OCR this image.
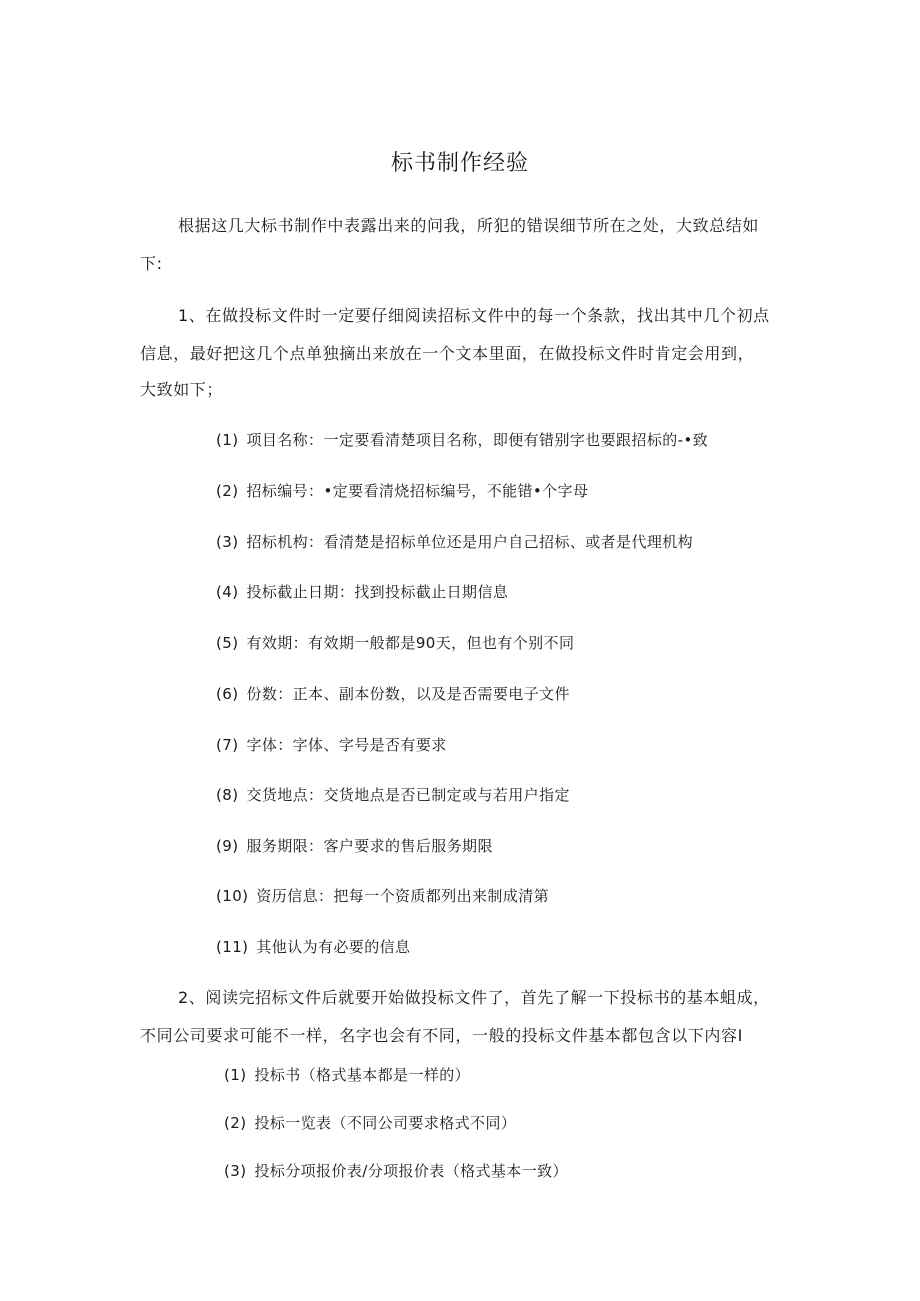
标书制作经验
根据这几大标书制作中表露出来的问我，所犯的错误细节所在之处，大致总结如
下:
1、在做投标文件时一定要仔细阅读招标文件中的每一个条款，找出其中几个初点
信息，最好把这几个点单独摘出来放在一个文本里面，在做投标文件时肯定会用到，
大致如下；
(1) 项目名称：一定要看清楚项目名称，即便有错别字也要跟招标的-•致
(2) 招标编号：•定要看清烧招标编号，不能错•个字母
(3) 招标机构：看清楚是招标单位还是用户自己招标、或者是代理机构
(4) 投标截止日期：找到投标截止日期信息
(5) 有效期：有效期一般都是90天，但也有个别不同
(6) 份数：正本、副本份数，以及是否需要电子文件
(7) 字体：字体、字号是否有要求
(8) 交货地点：交货地点是否已制定或与若用户指定
(9) 服务期限：客户要求的售后服务期限
(10) 资历信息：把每一个资质都列出来制成清第
(11) 其他认为有必要的信息
2、阅读完招标文件后就要开始做投标文件了，首先了解一下投标书的基本蛆成，
不同公司要求可能不一样，名字也会有不同，一般的投标文件基本都包含以下内容I
(1) 投标书（格式基本都是一样的）
(2) 投标一览表（不同公司要求格式不同）
(3) 投标分项报价表/分项报价表（格式基本一致）
